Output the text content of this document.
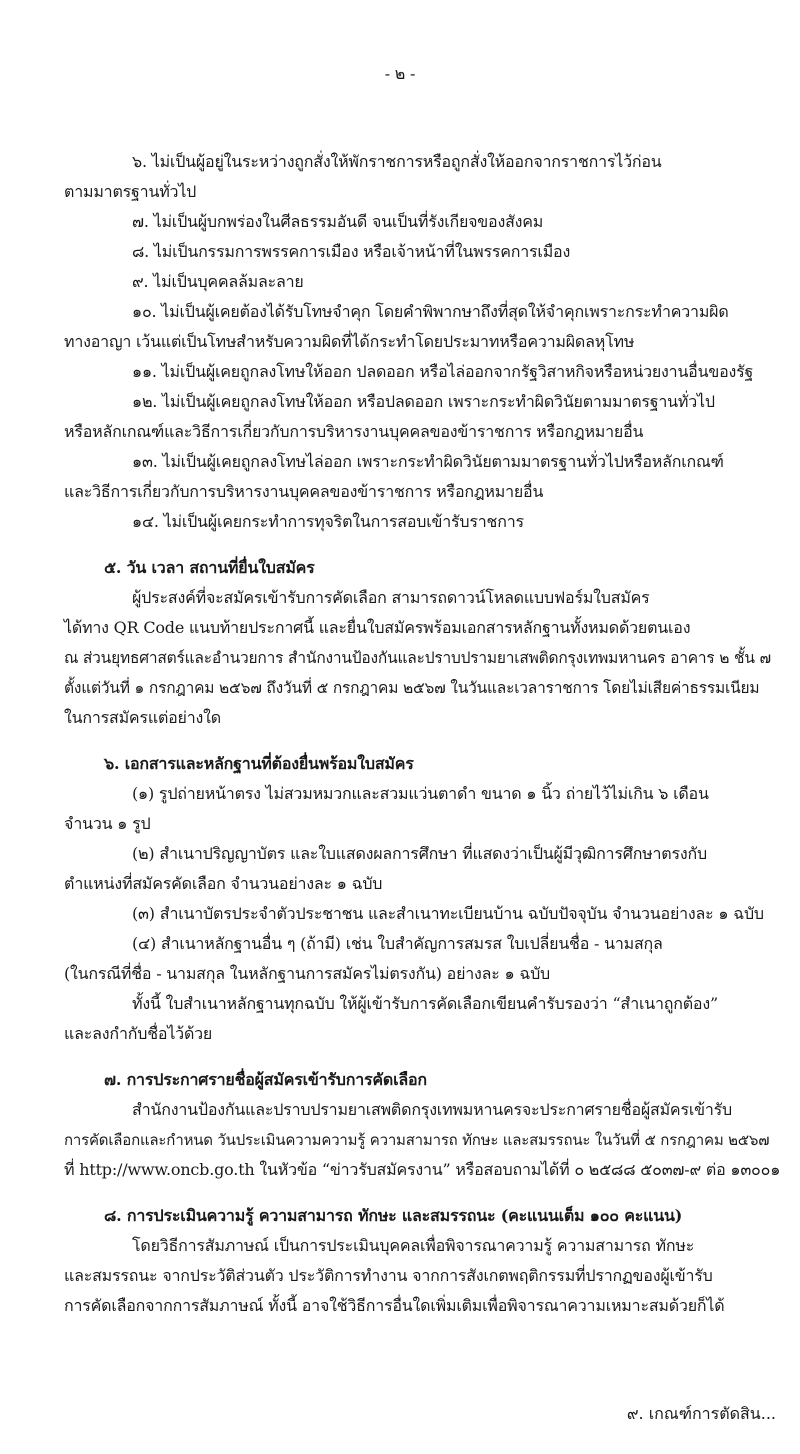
- ๒ -
๖. ไม่เป็นผู้อยู่ในระหว่างถูกสั่งให้พักราชการหรือถูกสั่งให้ออกจากราชการไว้ก่อน
ตามมาตรฐานทั่วไป
๗. ไม่เป็นผู้บกพร่องในศีลธรรมอันดี จนเป็นที่รังเกียจของสังคม
๘. ไม่เป็นกรรมการพรรคการเมือง หรือเจ้าหน้าที่ในพรรคการเมือง
๙. ไม่เป็นบุคคลล้มละลาย
๑๐. ไม่เป็นผู้เคยต้องได้รับโทษจำคุก โดยคำพิพากษาถึงที่สุดให้จำคุกเพราะกระทำความผิด
ทางอาญา เว้นแต่เป็นโทษสำหรับความผิดที่ได้กระทำโดยประมาทหรือความผิดลหุโทษ
๑๑. ไม่เป็นผู้เคยถูกลงโทษให้ออก ปลดออก หรือไล่ออกจากรัฐวิสาหกิจหรือหน่วยงานอื่นของรัฐ
๑๒. ไม่เป็นผู้เคยถูกลงโทษให้ออก หรือปลดออก เพราะกระทำผิดวินัยตามมาตรฐานทั่วไป
หรือหลักเกณฑ์และวิธีการเกี่ยวกับการบริหารงานบุคคลของข้าราชการ หรือกฎหมายอื่น
๑๓. ไม่เป็นผู้เคยถูกลงโทษไล่ออก เพราะกระทำผิดวินัยตามมาตรฐานทั่วไปหรือหลักเกณฑ์
และวิธีการเกี่ยวกับการบริหารงานบุคคลของข้าราชการ หรือกฎหมายอื่น
๑๔. ไม่เป็นผู้เคยกระทำการทุจริตในการสอบเข้ารับราชการ
๕. วัน เวลา สถานที่ยื่นใบสมัคร
ผู้ประสงค์ที่จะสมัครเข้ารับการคัดเลือก สามารถดาวน์โหลดแบบฟอร์มใบสมัคร
ได้ทาง QR Code แนบท้ายประกาศนี้ และยื่นใบสมัครพร้อมเอกสารหลักฐานทั้งหมดด้วยตนเอง
ณ ส่วนยุทธศาสตร์และอำนวยการ สำนักงานป้องกันและปราบปรามยาเสพติดกรุงเทพมหานคร อาคาร ๒ ชั้น ๗
ตั้งแต่วันที่ ๑ กรกฎาคม ๒๕๖๗ ถึงวันที่ ๕ กรกฎาคม ๒๕๖๗ ในวันและเวลาราชการ โดยไม่เสียค่าธรรมเนียม
ในการสมัครแต่อย่างใด
๖. เอกสารและหลักฐานที่ต้องยื่นพร้อมใบสมัคร
(๑) รูปถ่ายหน้าตรง ไม่สวมหมวกและสวมแว่นตาดำ ขนาด ๑ นิ้ว ถ่ายไว้ไม่เกิน ๖ เดือน
จำนวน ๑ รูป
(๒) สำเนาปริญญาบัตร และใบแสดงผลการศึกษา ที่แสดงว่าเป็นผู้มีวุฒิการศึกษาตรงกับ
ตำแหน่งที่สมัครคัดเลือก จำนวนอย่างละ ๑ ฉบับ
(๓) สำเนาบัตรประจำตัวประชาชน และสำเนาทะเบียนบ้าน ฉบับปัจจุบัน จำนวนอย่างละ ๑ ฉบับ
(๔) สำเนาหลักฐานอื่น ๆ (ถ้ามี) เช่น ใบสำคัญการสมรส ใบเปลี่ยนชื่อ - นามสกุล
(ในกรณีที่ชื่อ - นามสกุล ในหลักฐานการสมัครไม่ตรงกัน) อย่างละ ๑ ฉบับ
ทั้งนี้ ใบสำเนาหลักฐานทุกฉบับ ให้ผู้เข้ารับการคัดเลือกเขียนคำรับรองว่า “สำเนาถูกต้อง”
และลงกำกับชื่อไว้ด้วย
๗. การประกาศรายชื่อผู้สมัครเข้ารับการคัดเลือก
สำนักงานป้องกันและปราบปรามยาเสพติดกรุงเทพมหานครจะประกาศรายชื่อผู้สมัครเข้ารับ
การคัดเลือกและกำหนด วันประเมินความความรู้ ความสามารถ ทักษะ และสมรรถนะ ในวันที่ ๕ กรกฎาคม ๒๕๖๗
ที่ http://www.oncb.go.th ในหัวข้อ “ข่าวรับสมัครงาน” หรือสอบถามได้ที่ ๐ ๒๕๘๘ ๕๐๓๗-๙ ต่อ ๑๓๐๐๑
๘. การประเมินความรู้ ความสามารถ ทักษะ และสมรรถนะ (คะแนนเต็ม ๑๐๐ คะแนน)
โดยวิธีการสัมภาษณ์ เป็นการประเมินบุคคลเพื่อพิจารณาความรู้ ความสามารถ ทักษะ
และสมรรถนะ จากประวัติส่วนตัว ประวัติการทำงาน จากการสังเกตพฤติกรรมที่ปรากฏของผู้เข้ารับ
การคัดเลือกจากการสัมภาษณ์ ทั้งนี้ อาจใช้วิธีการอื่นใดเพิ่มเติมเพื่อพิจารณาความเหมาะสมด้วยก็ได้
๙. เกณฑ์การตัดสิน...
